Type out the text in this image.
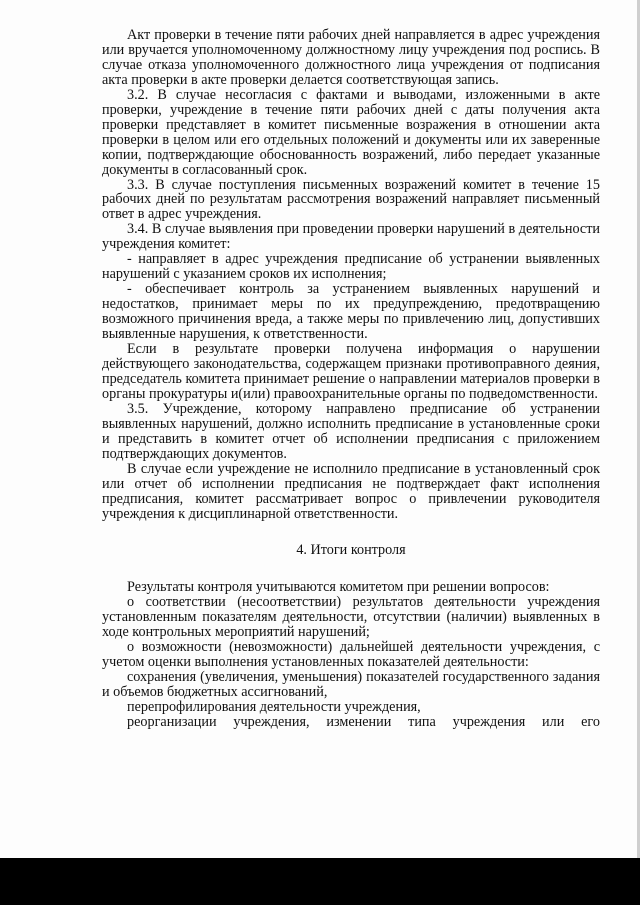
Акт проверки в течение пяти рабочих дней направляется в адрес учреждения или вручается уполномоченному должностному лицу учреждения под роспись. В случае отказа уполномоченного должностного лица учреждения от подписания акта проверки в акте проверки делается соответствующая запись.

3.2. В случае несогласия с фактами и выводами, изложенными в акте проверки, учреждение в течение пяти рабочих дней с даты получения акта проверки представляет в комитет письменные возражения в отношении акта проверки в целом или его отдельных положений и документы или их заверенные копии, подтверждающие обоснованность возражений, либо передает указанные документы в согласованный срок.

3.3. В случае поступления письменных возражений комитет в течение 15 рабочих дней по результатам рассмотрения возражений направляет письменный ответ в адрес учреждения.

3.4. В случае выявления при проведении проверки нарушений в деятельности учреждения комитет:

- направляет в адрес учреждения предписание об устранении выявленных нарушений с указанием сроков их исполнения;

- обеспечивает контроль за устранением выявленных нарушений и недостатков, принимает меры по их предупреждению, предотвращению возможного причинения вреда, а также меры по привлечению лиц, допустивших выявленные нарушения, к ответственности.

Если в результате проверки получена информация о нарушении действующего законодательства, содержащем признаки противоправного деяния, председатель комитета принимает решение о направлении материалов проверки в органы прокуратуры и(или) правоохранительные органы по подведомственности.

3.5. Учреждение, которому направлено предписание об устранении выявленных нарушений, должно исполнить предписание в установленные сроки и представить в комитет отчет об исполнении предписания с приложением подтверждающих документов.

В случае если учреждение не исполнило предписание в установленный срок или отчет об исполнении предписания не подтверждает факт исполнения предписания, комитет рассматривает вопрос о привлечении руководителя учреждения к дисциплинарной ответственности.

4. Итоги контроля

Результаты контроля учитываются комитетом при решении вопросов:

о соответствии (несоответствии) результатов деятельности учреждения установленным показателям деятельности, отсутствии (наличии) выявленных в ходе контрольных мероприятий нарушений;

о возможности (невозможности) дальнейшей деятельности учреждения, с учетом оценки выполнения установленных показателей деятельности:

сохранения (увеличения, уменьшения) показателей государственного задания и объемов бюджетных ассигнований,

перепрофилирования деятельности учреждения,

реорганизации учреждения, изменении типа учреждения или его
